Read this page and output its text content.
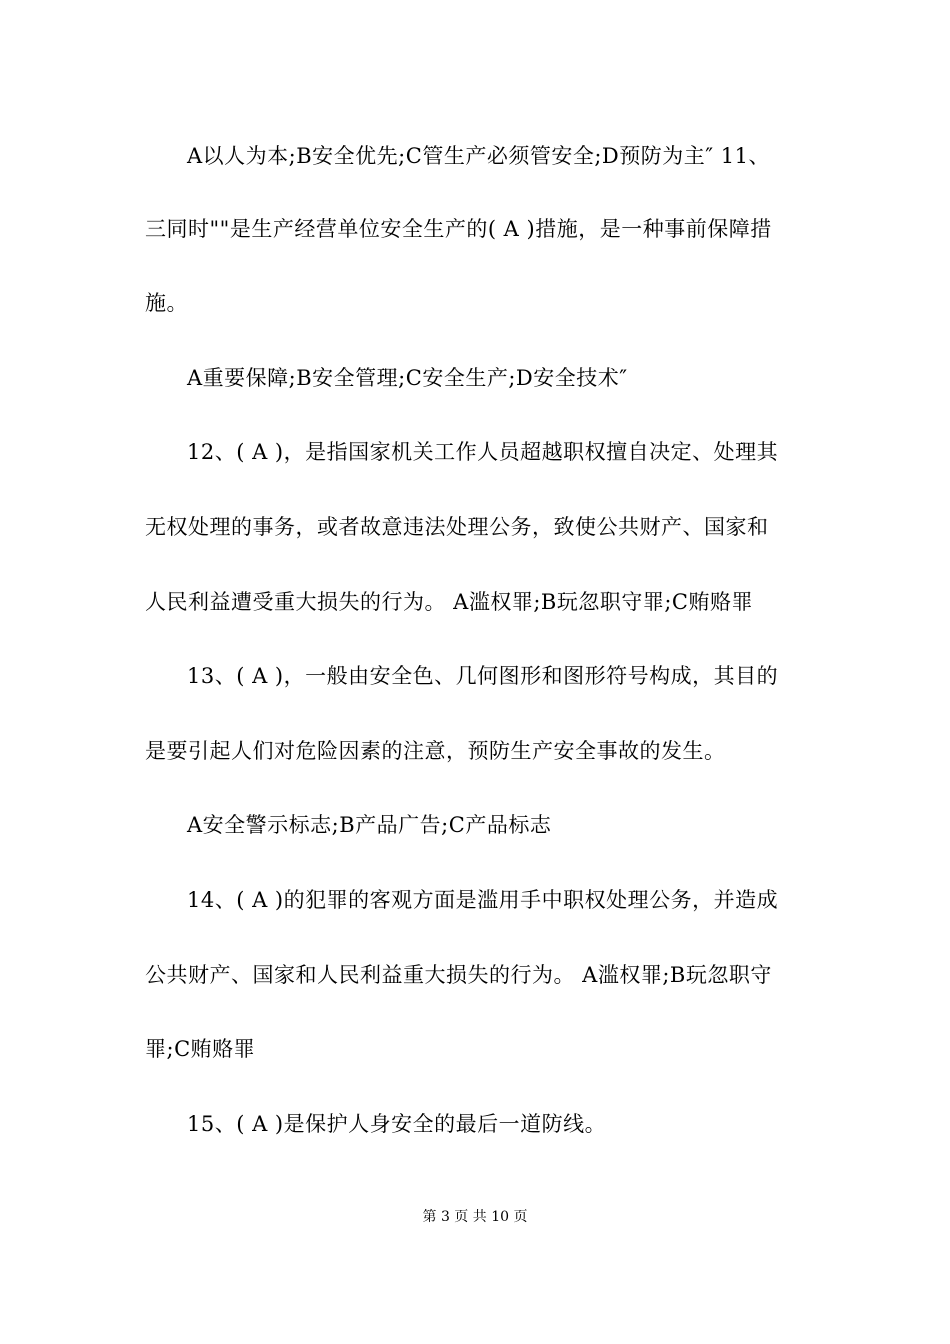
A以人为本;B安全优先;C管生产必须管安全;D预防为主″ 11、
三同时""是生产经营单位安全生产的( A )措施，是一种事前保障措
施。
A重要保障;B安全管理;C安全生产;D安全技术″
12、( A )，是指国家机关工作人员超越职权擅自决定、处理其
无权处理的事务，或者故意违法处理公务，致使公共财产、国家和
人民利益遭受重大损失的行为。 A滥权罪;B玩忽职守罪;C贿赂罪
13、( A )，一般由安全色、几何图形和图形符号构成，其目的
是要引起人们对危险因素的注意，预防生产安全事故的发生。
A安全警示标志;B产品广告;C产品标志
14、( A )的犯罪的客观方面是滥用手中职权处理公务，并造成
公共财产、国家和人民利益重大损失的行为。 A滥权罪;B玩忽职守
罪;C贿赂罪
15、( A )是保护人身安全的最后一道防线。
第 3 页 共 10 页
